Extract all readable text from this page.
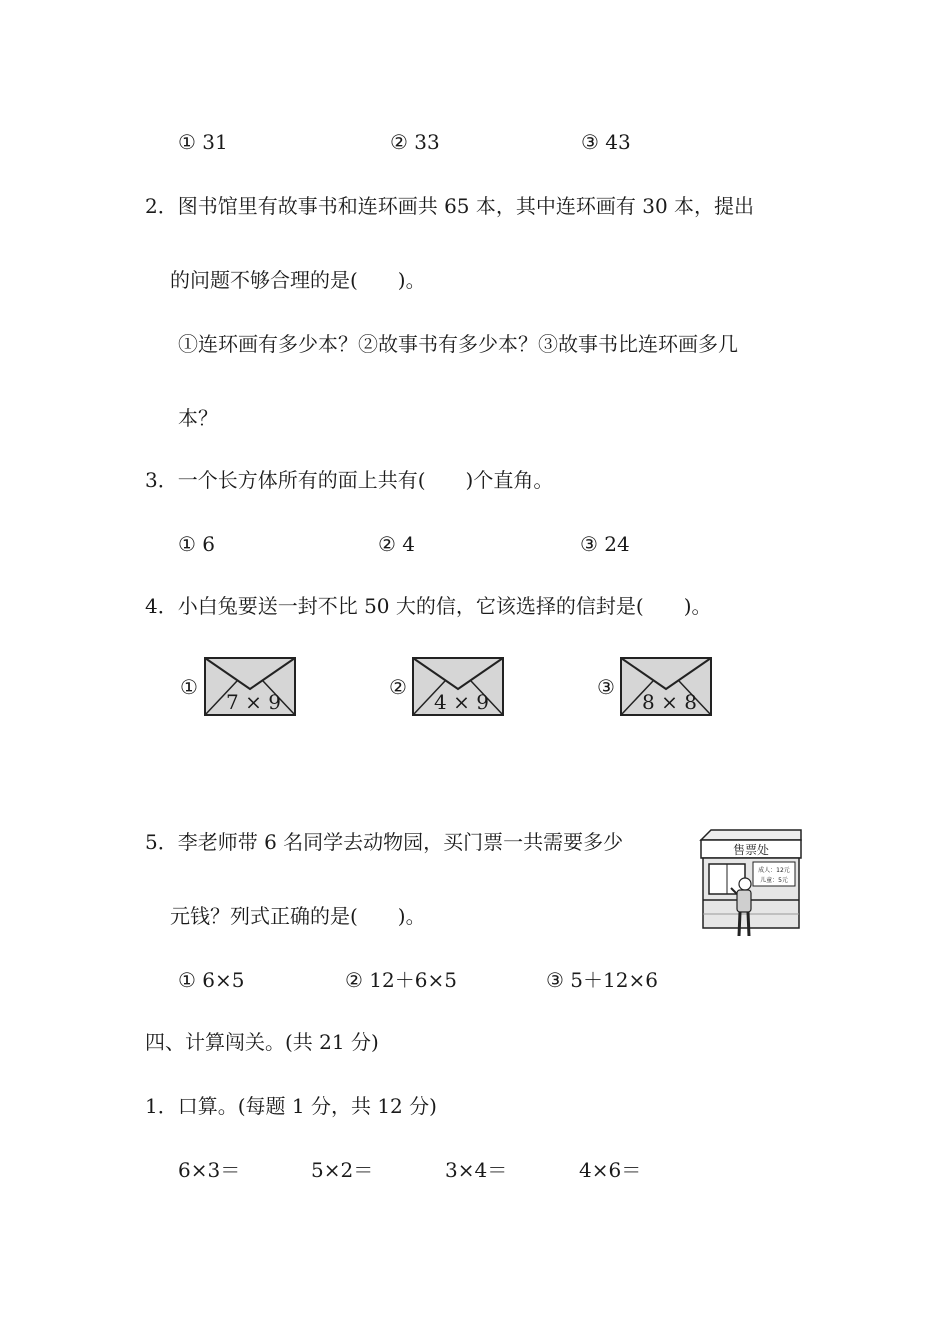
① 31	② 33	③ 43
2．图书馆里有故事书和连环画共 65 本，其中连环画有 30 本，提出
的问题不够合理的是(　　)。
①连环画有多少本？②故事书有多少本？③故事书比连环画多几
本？
3．一个长方体所有的面上共有(　　)个直角。
① 6	② 4	③ 24
4．小白兔要送一封不比 50 大的信，它该选择的信封是(　　)。
①
7 × 9
②
4 × 9
③
8 × 8
5．李老师带 6 名同学去动物园，买门票一共需要多少
元钱？列式正确的是(　　)。
售票处
成人：12元
儿童：5元
① 6×5	② 12＋6×5	③ 5＋12×6
四、计算闯关。(共 21 分)
1．口算。(每题 1 分，共 12 分)
6×3＝	5×2＝	3×4＝	4×6＝
